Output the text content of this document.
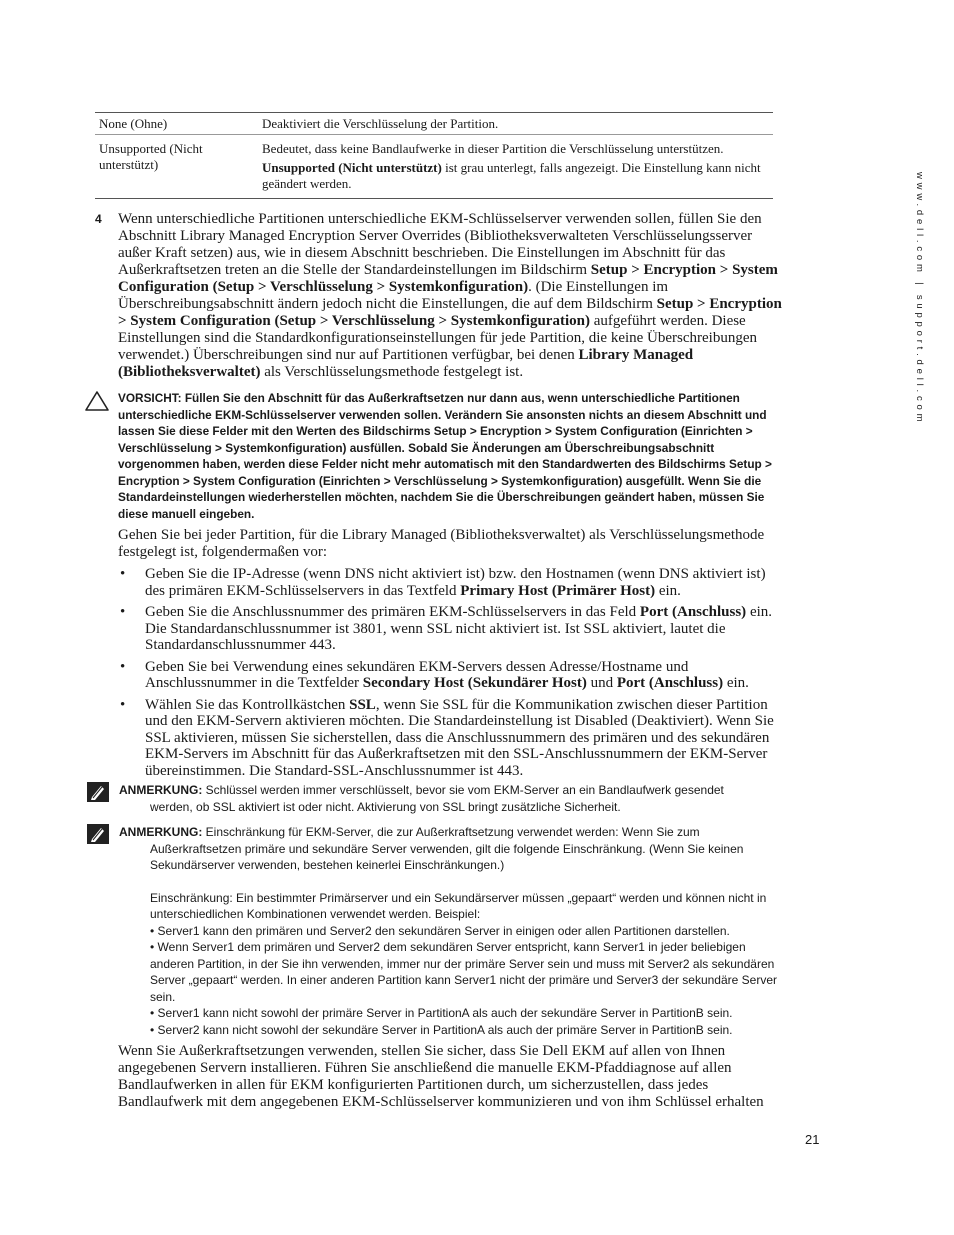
None (Ohne)	Deaktiviert die Verschlüsselung der Partition.
Unsupported (Nicht unterstützt)
Bedeutet, dass keine Bandlaufwerke in dieser Partition die Verschlüsselung unterstützen.
Unsupported (Nicht unterstützt) ist grau unterlegt, falls angezeigt. Die Einstellung kann nicht geändert werden.	www.dell.com | support.dell.com
4 Wenn unterschiedliche Partitionen unterschiedliche EKM-Schlüsselserver verwenden sollen, füllen Sie den Abschnitt Library Managed Encryption Server Overrides (Bibliotheksverwalteten Verschlüsselungsserver außer Kraft setzen) aus, wie in diesem Abschnitt beschrieben. Die Einstellungen im Abschnitt für das Außerkraftsetzen treten an die Stelle der Standardeinstellungen im Bildschirm Setup > Encryption > System Configuration (Setup > Verschlüsselung > Systemkonfiguration). (Die Einstellungen im Überschreibungsabschnitt ändern jedoch nicht die Einstellungen, die auf dem Bildschirm Setup > Encryption > System Configuration (Setup > Verschlüsselung > Systemkonfiguration) aufgeführt werden. Diese Einstellungen sind die Standardkonfigurationseinstellungen für jede Partition, die keine Überschreibungen verwendet.) Überschreibungen sind nur auf Partitionen verfügbar, bei denen Library Managed (Bibliotheksverwaltet) als Verschlüsselungsmethode festgelegt ist.
VORSICHT: Füllen Sie den Abschnitt für das Außerkraftsetzen nur dann aus, wenn unterschiedliche Partitionen unterschiedliche EKM-Schlüsselserver verwenden sollen. Verändern Sie ansonsten nichts an diesem Abschnitt und lassen Sie diese Felder mit den Werten des Bildschirms Setup > Encryption > System Configuration (Einrichten > Verschlüsselung > Systemkonfiguration) ausfüllen. Sobald Sie Änderungen am Überschreibungsabschnitt vorgenommen haben, werden diese Felder nicht mehr automatisch mit den Standardwerten des Bildschirms Setup > Encryption > System Configuration (Einrichten > Verschlüsselung > Systemkonfiguration) ausgefüllt. Wenn Sie die Standardeinstellungen wiederherstellen möchten, nachdem Sie die Überschreibungen geändert haben, müssen Sie diese manuell eingeben.
Gehen Sie bei jeder Partition, für die Library Managed (Bibliotheksverwaltet) als Verschlüsselungsmethode festgelegt ist, folgendermaßen vor:
• Geben Sie die IP-Adresse (wenn DNS nicht aktiviert ist) bzw. den Hostnamen (wenn DNS aktiviert ist) des primären EKM-Schlüsselservers in das Textfeld Primary Host (Primärer Host) ein.
• Geben Sie die Anschlussnummer des primären EKM-Schlüsselservers in das Feld Port (Anschluss) ein. Die Standardanschlussnummer ist 3801, wenn SSL nicht aktiviert ist. Ist SSL aktiviert, lautet die Standardanschlussnummer 443.
• Geben Sie bei Verwendung eines sekundären EKM-Servers dessen Adresse/Hostname und Anschlussnummer in die Textfelder Secondary Host (Sekundärer Host) und Port (Anschluss) ein.
• Wählen Sie das Kontrollkästchen SSL, wenn Sie SSL für die Kommunikation zwischen dieser Partition und den EKM-Servern aktivieren möchten. Die Standardeinstellung ist Disabled (Deaktiviert). Wenn Sie SSL aktivieren, müssen Sie sicherstellen, dass die Anschlussnummern des primären und des sekundären EKM-Servers im Abschnitt für das Außerkraftsetzen mit den SSL-Anschlussnummern der EKM-Server übereinstimmen. Die Standard-SSL-Anschlussnummer ist 443.
ANMERKUNG: Schlüssel werden immer verschlüsselt, bevor sie vom EKM-Server an ein Bandlaufwerk gesendet
werden, ob SSL aktiviert ist oder nicht. Aktivierung von SSL bringt zusätzliche Sicherheit.
ANMERKUNG: Einschränkung für EKM-Server, die zur Außerkraftsetzung verwendet werden: Wenn Sie zum
Außerkraftsetzen primäre und sekundäre Server verwenden, gilt die folgende Einschränkung. (Wenn Sie keinen Sekundärserver verwenden, bestehen keinerlei Einschränkungen.)
Einschränkung: Ein bestimmter Primärserver und ein Sekundärserver müssen „gepaart“ werden und können nicht in unterschiedlichen Kombinationen verwendet werden. Beispiel:
• Server1 kann den primären und Server2 den sekundären Server in einigen oder allen Partitionen darstellen.
• Wenn Server1 dem primären und Server2 dem sekundären Server entspricht, kann Server1 in jeder beliebigen anderen Partition, in der Sie ihn verwenden, immer nur der primäre Server sein und muss mit Server2 als sekundären Server „gepaart“ werden. In einer anderen Partition kann Server1 nicht der primäre und Server3 der sekundäre Server sein.
• Server1 kann nicht sowohl der primäre Server in PartitionA als auch der sekundäre Server in PartitionB sein.
• Server2 kann nicht sowohl der sekundäre Server in PartitionA als auch der primäre Server in PartitionB sein.
Wenn Sie Außerkraftsetzungen verwenden, stellen Sie sicher, dass Sie Dell EKM auf allen von Ihnen angegebenen Servern installieren. Führen Sie anschließend die manuelle EKM-Pfaddiagnose auf allen Bandlaufwerken in allen für EKM konfigurierten Partitionen durch, um sicherzustellen, dass jedes Bandlaufwerk mit dem angegebenen EKM-Schlüsselserver kommunizieren und von ihm Schlüssel erhalten
21
